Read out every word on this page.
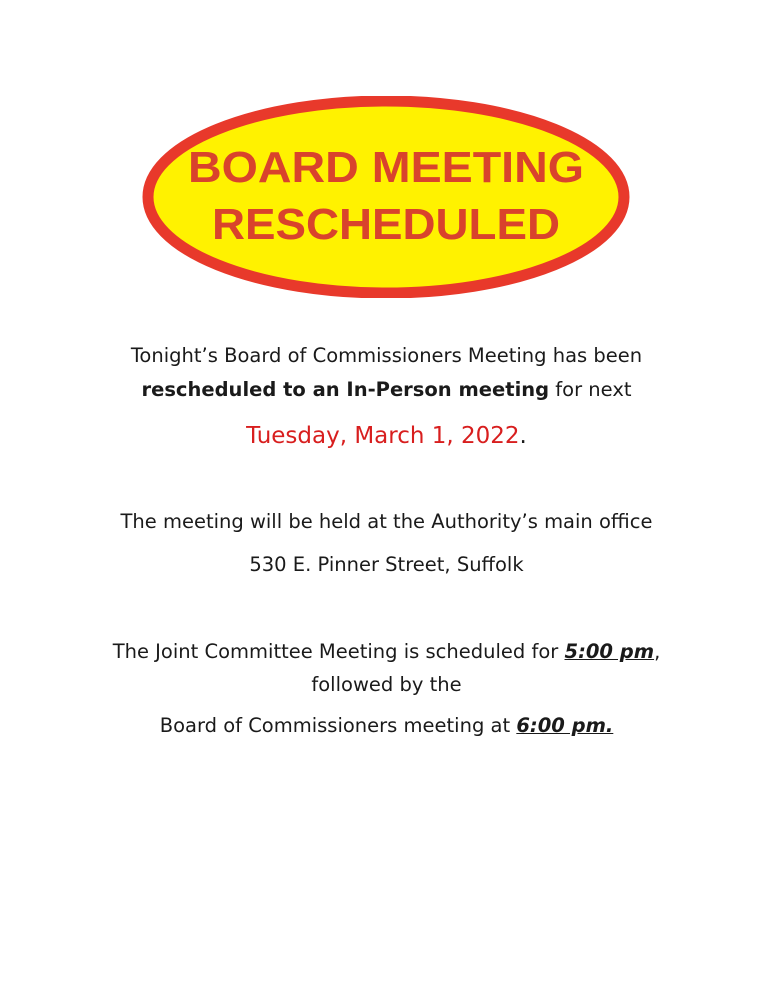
BOARD MEETING
RESCHEDULED
Tonight’s Board of Commissioners Meeting has been
rescheduled to an In-Person meeting for next
Tuesday, March 1, 2022.
The meeting will be held at the Authority’s main office
530 E. Pinner Street, Suffolk
The Joint Committee Meeting is scheduled for 5:00 pm,
followed by the
Board of Commissioners meeting at 6:00 pm.
